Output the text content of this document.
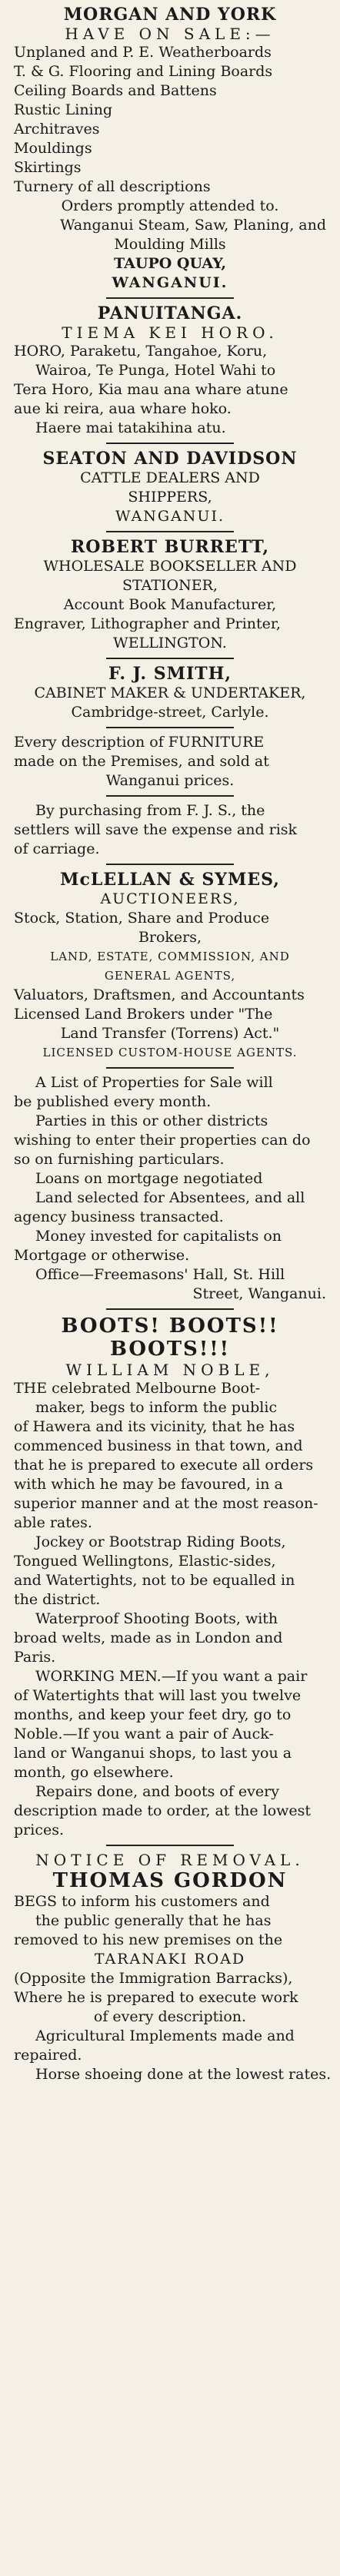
MORGAN AND YORK
HAVE ON SALE:—
Unplaned and P. E. Weatherboards
T. & G. Flooring and Lining Boards
Ceiling Boards and Battens
Rustic Lining
Architraves
Mouldings
Skirtings
Turnery of all descriptions
Orders promptly attended to.
Wanganui Steam, Saw, Planing, and
Moulding Mills
TAUPO QUAY,
WANGANUI.
PANUITANGA.
TIEMA KEI HORO.
HORO, Paraketu, Tangahoe, Koru,
Wairoa, Te Punga, Hotel Wahi to
Tera Horo, Kia mau ana whare atune
aue ki reira, aua whare hoko.
Haere mai tatakihina atu.
SEATON AND DAVIDSON
CATTLE DEALERS AND
SHIPPERS,
WANGANUI.
ROBERT BURRETT,
WHOLESALE BOOKSELLER AND
STATIONER,
Account Book Manufacturer,
Engraver, Lithographer and Printer,
WELLINGTON.
F. J. SMITH,
CABINET MAKER & UNDERTAKER,
Cambridge-street, Carlyle.
Every description of FURNITURE
made on the Premises, and sold at
Wanganui prices.
By purchasing from F. J. S., the
settlers will save the expense and risk
of carriage.
McLELLAN & SYMES,
AUCTIONEERS,
Stock, Station, Share and Produce
Brokers,
LAND, ESTATE, COMMISSION, AND
GENERAL AGENTS,
Valuators, Draftsmen, and Accountants
Licensed Land Brokers under "The
Land Transfer (Torrens) Act."
LICENSED CUSTOM-HOUSE AGENTS.
A List of Properties for Sale will
be published every month.
Parties in this or other districts
wishing to enter their properties can do
so on furnishing particulars.
Loans on mortgage negotiated
Land selected for Absentees, and all
agency business transacted.
Money invested for capitalists on
Mortgage or otherwise.
Office—Freemasons' Hall, St. Hill
Street, Wanganui.
BOOTS! BOOTS!! BOOTS!!!
WILLIAM NOBLE,
THE celebrated Melbourne Boot-
maker, begs to inform the public
of Hawera and its vicinity, that he has
commenced business in that town, and
that he is prepared to execute all orders
with which he may be favoured, in a
superior manner and at the most reason-
able rates.
Jockey or Bootstrap Riding Boots,
Tongued Wellingtons, Elastic-sides,
and Watertights, not to be equalled in
the district.
Waterproof Shooting Boots, with
broad welts, made as in London and
Paris.
WORKING MEN.—If you want a pair
of Watertights that will last you twelve
months, and keep your feet dry, go to
Noble.—If you want a pair of Auck-
land or Wanganui shops, to last you a
month, go elsewhere.
Repairs done, and boots of every
description made to order, at the lowest
prices.
NOTICE OF REMOVAL.
THOMAS GORDON
BEGS to inform his customers and
the public generally that he has
removed to his new premises on the
TARANAKI ROAD
(Opposite the Immigration Barracks),
Where he is prepared to execute work
of every description.
Agricultural Implements made and
repaired.
Horse shoeing done at the lowest rates.
